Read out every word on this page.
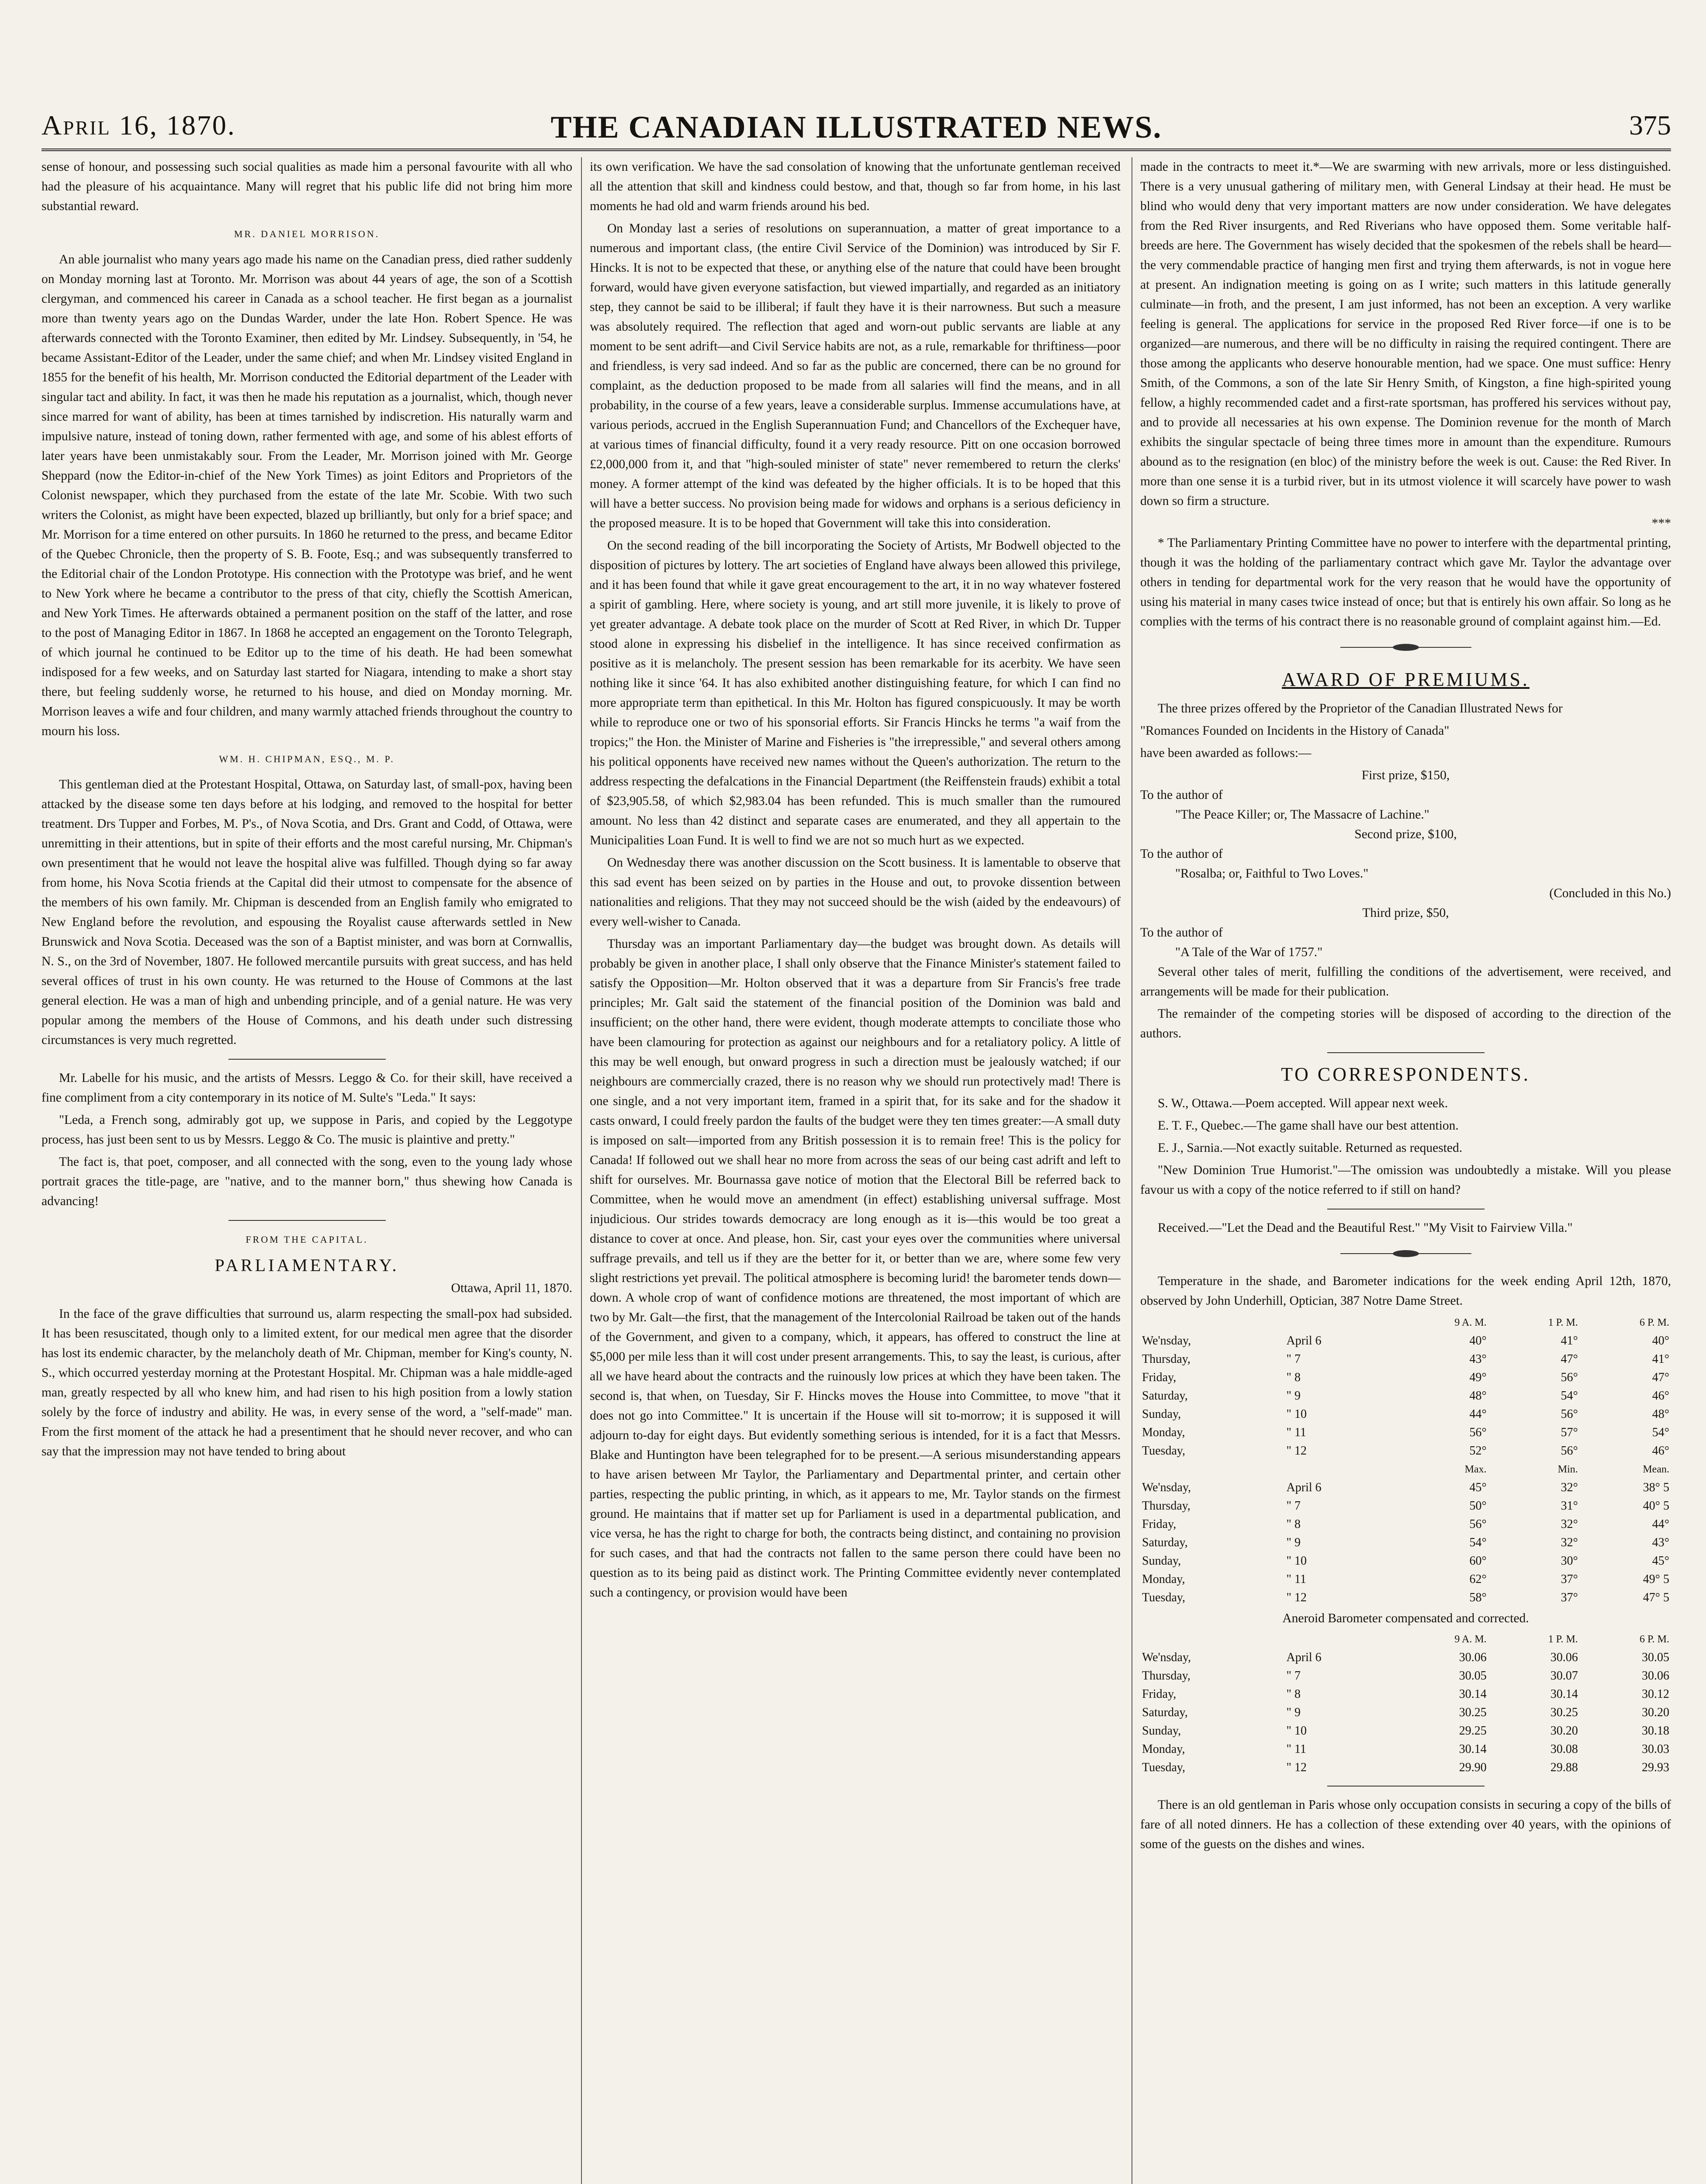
April 16, 1870.	THE CANADIAN ILLUSTRATED NEWS.	375

sense of honour, and possessing such social qualities as made him a personal favourite with all who had the pleasure of his acquaintance. Many will regret that his public life did not bring him more substantial reward.

MR. DANIEL MORRISON.

An able journalist who many years ago made his name on the Canadian press, died rather suddenly on Monday morning last at Toronto. Mr. Morrison was about 44 years of age, the son of a Scottish clergyman, and commenced his career in Canada as a school teacher. He first began as a journalist more than twenty years ago on the Dundas Warder, under the late Hon. Robert Spence. He was afterwards connected with the Toronto Examiner, then edited by Mr. Lindsey. Subsequently, in '54, he became Assistant-Editor of the Leader, under the same chief; and when Mr. Lindsey visited England in 1855 for the benefit of his health, Mr. Morrison conducted the Editorial department of the Leader with singular tact and ability. In fact, it was then he made his reputation as a journalist, which, though never since marred for want of ability, has been at times tarnished by indiscretion. His naturally warm and impulsive nature, instead of toning down, rather fermented with age, and some of his ablest efforts of later years have been unmistakably sour. From the Leader, Mr. Morrison joined with Mr. George Sheppard (now the Editor-in-chief of the New York Times) as joint Editors and Proprietors of the Colonist newspaper, which they purchased from the estate of the late Mr. Scobie. With two such writers the Colonist, as might have been expected, blazed up brilliantly, but only for a brief space; and Mr. Morrison for a time entered on other pursuits. In 1860 he returned to the press, and became Editor of the Quebec Chronicle, then the property of S. B. Foote, Esq.; and was subsequently transferred to the Editorial chair of the London Prototype. His connection with the Prototype was brief, and he went to New York where he became a contributor to the press of that city, chiefly the Scottish American, and New York Times. He afterwards obtained a permanent position on the staff of the latter, and rose to the post of Managing Editor in 1867. In 1868 he accepted an engagement on the Toronto Telegraph, of which journal he continued to be Editor up to the time of his death. He had been somewhat indisposed for a few weeks, and on Saturday last started for Niagara, intending to make a short stay there, but feeling suddenly worse, he returned to his house, and died on Monday morning. Mr. Morrison leaves a wife and four children, and many warmly attached friends throughout the country to mourn his loss.

WM. H. CHIPMAN, ESQ., M. P.

This gentleman died at the Protestant Hospital, Ottawa, on Saturday last, of small-pox, having been attacked by the disease some ten days before at his lodging, and removed to the hospital for better treatment. Drs Tupper and Forbes, M. P's., of Nova Scotia, and Drs. Grant and Codd, of Ottawa, were unremitting in their attentions, but in spite of their efforts and the most careful nursing, Mr. Chipman's own presentiment that he would not leave the hospital alive was fulfilled. Though dying so far away from home, his Nova Scotia friends at the Capital did their utmost to compensate for the absence of the members of his own family. Mr. Chipman is descended from an English family who emigrated to New England before the revolution, and espousing the Royalist cause afterwards settled in New Brunswick and Nova Scotia. Deceased was the son of a Baptist minister, and was born at Cornwallis, N. S., on the 3rd of November, 1807. He followed mercantile pursuits with great success, and has held several offices of trust in his own county. He was returned to the House of Commons at the last general election. He was a man of high and unbending principle, and of a genial nature. He was very popular among the members of the House of Commons, and his death under such distressing circumstances is very much regretted.

Mr. Labelle for his music, and the artists of Messrs. Leggo & Co. for their skill, have received a fine compliment from a city contemporary in its notice of M. Sulte's "Leda." It says:

"Leda, a French song, admirably got up, we suppose in Paris, and copied by the Leggotype process, has just been sent to us by Messrs. Leggo & Co. The music is plaintive and pretty."

The fact is, that poet, composer, and all connected with the song, even to the young lady whose portrait graces the title-page, are "native, and to the manner born," thus shewing how Canada is advancing!

FROM THE CAPITAL.
PARLIAMENTARY.
Ottawa, April 11, 1870.

In the face of the grave difficulties that surround us, alarm respecting the small-pox had subsided. It has been resuscitated, though only to a limited extent, for our medical men agree that the disorder has lost its endemic character, by the melancholy death of Mr. Chipman, member for King's county, N. S., which occurred yesterday morning at the Protestant Hospital. Mr. Chipman was a hale middle-aged man, greatly respected by all who knew him, and had risen to his high position from a lowly station solely by the force of industry and ability. He was, in every sense of the word, a "self-made" man. From the first moment of the attack he had a presentiment that he should never recover, and who can say that the impression may not have tended to bring about

its own verification. We have the sad consolation of knowing that the unfortunate gentleman received all the attention that skill and kindness could bestow, and that, though so far from home, in his last moments he had old and warm friends around his bed.

On Monday last a series of resolutions on superannuation, a matter of great importance to a numerous and important class, (the entire Civil Service of the Dominion) was introduced by Sir F. Hincks. It is not to be expected that these, or anything else of the nature that could have been brought forward, would have given everyone satisfaction, but viewed impartially, and regarded as an initiatory step, they cannot be said to be illiberal; if fault they have it is their narrowness. But such a measure was absolutely required. The reflection that aged and worn-out public servants are liable at any moment to be sent adrift—and Civil Service habits are not, as a rule, remarkable for thriftiness—poor and friendless, is very sad indeed. And so far as the public are concerned, there can be no ground for complaint, as the deduction proposed to be made from all salaries will find the means, and in all probability, in the course of a few years, leave a considerable surplus. Immense accumulations have, at various periods, accrued in the English Superannuation Fund; and Chancellors of the Exchequer have, at various times of financial difficulty, found it a very ready resource. Pitt on one occasion borrowed £2,000,000 from it, and that "high-souled minister of state" never remembered to return the clerks' money. A former attempt of the kind was defeated by the higher officials. It is to be hoped that this will have a better success. No provision being made for widows and orphans is a serious deficiency in the proposed measure. It is to be hoped that Government will take this into consideration.

On the second reading of the bill incorporating the Society of Artists, Mr Bodwell objected to the disposition of pictures by lottery. The art societies of England have always been allowed this privilege, and it has been found that while it gave great encouragement to the art, it in no way whatever fostered a spirit of gambling. Here, where society is young, and art still more juvenile, it is likely to prove of yet greater advantage. A debate took place on the murder of Scott at Red River, in which Dr. Tupper stood alone in expressing his disbelief in the intelligence. It has since received confirmation as positive as it is melancholy. The present session has been remarkable for its acerbity. We have seen nothing like it since '64. It has also exhibited another distinguishing feature, for which I can find no more appropriate term than epithetical. In this Mr. Holton has figured conspicuously. It may be worth while to reproduce one or two of his sponsorial efforts. Sir Francis Hincks he terms "a waif from the tropics;" the Hon. the Minister of Marine and Fisheries is "the irrepressible," and several others among his political opponents have received new names without the Queen's authorization. The return to the address respecting the defalcations in the Financial Department (the Reiffenstein frauds) exhibit a total of $23,905.58, of which $2,983.04 has been refunded. This is much smaller than the rumoured amount. No less than 42 distinct and separate cases are enumerated, and they all appertain to the Municipalities Loan Fund. It is well to find we are not so much hurt as we expected.

On Wednesday there was another discussion on the Scott business. It is lamentable to observe that this sad event has been seized on by parties in the House and out, to provoke dissention between nationalities and religions. That they may not succeed should be the wish (aided by the endeavours) of every well-wisher to Canada.

Thursday was an important Parliamentary day—the budget was brought down. As details will probably be given in another place, I shall only observe that the Finance Minister's statement failed to satisfy the Opposition—Mr. Holton observed that it was a departure from Sir Francis's free trade principles; Mr. Galt said the statement of the financial position of the Dominion was bald and insufficient; on the other hand, there were evident, though moderate attempts to conciliate those who have been clamouring for protection as against our neighbours and for a retaliatory policy. A little of this may be well enough, but onward progress in such a direction must be jealously watched; if our neighbours are commercially crazed, there is no reason why we should run protectively mad! There is one single, and a not very important item, framed in a spirit that, for its sake and for the shadow it casts onward, I could freely pardon the faults of the budget were they ten times greater:—A small duty is imposed on salt—imported from any British possession it is to remain free! This is the policy for Canada! If followed out we shall hear no more from across the seas of our being cast adrift and left to shift for ourselves. Mr. Bournassa gave notice of motion that the Electoral Bill be referred back to Committee, when he would move an amendment (in effect) establishing universal suffrage. Most injudicious. Our strides towards democracy are long enough as it is—this would be too great a distance to cover at once. And please, hon. Sir, cast your eyes over the communities where universal suffrage prevails, and tell us if they are the better for it, or better than we are, where some few very slight restrictions yet prevail. The political atmosphere is becoming lurid! the barometer tends down—down. A whole crop of want of confidence motions are threatened, the most important of which are two by Mr. Galt—the first, that the management of the Intercolonial Railroad be taken out of the hands of the Government, and given to a company, which, it appears, has offered to construct the line at $5,000 per mile less than it will cost under present arrangements. This, to say the least, is curious, after all we have heard about the contracts and the ruinously low prices at which they have been taken. The second is, that when, on Tuesday, Sir F. Hincks moves the House into Committee, to move "that it does not go into Committee." It is uncertain if the House will sit to-morrow; it is supposed it will adjourn to-day for eight days. But evidently something serious is intended, for it is a fact that Messrs. Blake and Huntington have been telegraphed for to be present.—A serious misunderstanding appears to have arisen between Mr Taylor, the Parliamentary and Departmental printer, and certain other parties, respecting the public printing, in which, as it appears to me, Mr. Taylor stands on the firmest ground. He maintains that if matter set up for Parliament is used in a departmental publication, and vice versa, he has the right to charge for both, the contracts being distinct, and containing no provision for such cases, and that had the contracts not fallen to the same person there could have been no question as to its being paid as distinct work. The Printing Committee evidently never contemplated such a contingency, or provision would have been

made in the contracts to meet it.*—We are swarming with new arrivals, more or less distinguished. There is a very unusual gathering of military men, with General Lindsay at their head. He must be blind who would deny that very important matters are now under consideration. We have delegates from the Red River insurgents, and Red Riverians who have opposed them. Some veritable half-breeds are here. The Government has wisely decided that the spokesmen of the rebels shall be heard—the very commendable practice of hanging men first and trying them afterwards, is not in vogue here at present. An indignation meeting is going on as I write; such matters in this latitude generally culminate—in froth, and the present, I am just informed, has not been an exception. A very warlike feeling is general. The applications for service in the proposed Red River force—if one is to be organized—are numerous, and there will be no difficulty in raising the required contingent. There are those among the applicants who deserve honourable mention, had we space. One must suffice: Henry Smith, of the Commons, a son of the late Sir Henry Smith, of Kingston, a fine high-spirited young fellow, a highly recommended cadet and a first-rate sportsman, has proffered his services without pay, and to provide all necessaries at his own expense. The Dominion revenue for the month of March exhibits the singular spectacle of being three times more in amount than the expenditure. Rumours abound as to the resignation (en bloc) of the ministry before the week is out. Cause: the Red River. In more than one sense it is a turbid river, but in its utmost violence it will scarcely have power to wash down so firm a structure.

***

* The Parliamentary Printing Committee have no power to interfere with the departmental printing, though it was the holding of the parliamentary contract which gave Mr. Taylor the advantage over others in tending for departmental work for the very reason that he would have the opportunity of using his material in many cases twice instead of once; but that is entirely his own affair. So long as he complies with the terms of his contract there is no reasonable ground of complaint against him.—Ed.

AWARD OF PREMIUMS.

The three prizes offered by the Proprietor of the Canadian Illustrated News for

"Romances Founded on Incidents in the History of Canada"

have been awarded as follows:—

First prize, $150,
To the author of
"The Peace Killer; or, The Massacre of Lachine."
Second prize, $100,
To the author of
"Rosalba; or, Faithful to Two Loves."
(Concluded in this No.)
Third prize, $50,
To the author of
"A Tale of the War of 1757."

Several other tales of merit, fulfilling the conditions of the advertisement, were received, and arrangements will be made for their publication.

The remainder of the competing stories will be disposed of according to the direction of the authors.

TO CORRESPONDENTS.

S. W., Ottawa.—Poem accepted. Will appear next week.

E. T. F., Quebec.—The game shall have our best attention.

E. J., Sarnia.—Not exactly suitable. Returned as requested.

"New Dominion True Humorist."—The omission was undoubtedly a mistake. Will you please favour us with a copy of the notice referred to if still on hand?

Received.—"Let the Dead and the Beautiful Rest." "My Visit to Fairview Villa."

Temperature in the shade, and Barometer indications for the week ending April 12th, 1870, observed by John Underhill, Optician, 387 Notre Dame Street.

		9 A. M.	1 P. M.	6 P. M.
We'nsday,	April 6	40°	41°	40°
Thursday,	" 7	43°	47°	41°
Friday,	" 8	49°	56°	47°
Saturday,	" 9	48°	54°	46°
Sunday,	" 10	44°	56°	48°
Monday,	" 11	56°	57°	54°
Tuesday,	" 12	52°	56°	46°
		Max.	Min.	Mean.
We'nsday,	April 6	45°	32°	38° 5
Thursday,	" 7	50°	31°	40° 5
Friday,	" 8	56°	32°	44°
Saturday,	" 9	54°	32°	43°
Sunday,	" 10	60°	30°	45°
Monday,	" 11	62°	37°	49° 5
Tuesday,	" 12	58°	37°	47° 5
Aneroid Barometer compensated and corrected.
		9 A. M.	1 P. M.	6 P. M.
We'nsday,	April 6	30.06	30.06	30.05
Thursday,	" 7	30.05	30.07	30.06
Friday,	" 8	30.14	30.14	30.12
Saturday,	" 9	30.25	30.25	30.20
Sunday,	" 10	29.25	30.20	30.18
Monday,	" 11	30.14	30.08	30.03
Tuesday,	" 12	29.90	29.88	29.93

There is an old gentleman in Paris whose only occupation consists in securing a copy of the bills of fare of all noted dinners. He has a collection of these extending over 40 years, with the opinions of some of the guests on the dishes and wines.
